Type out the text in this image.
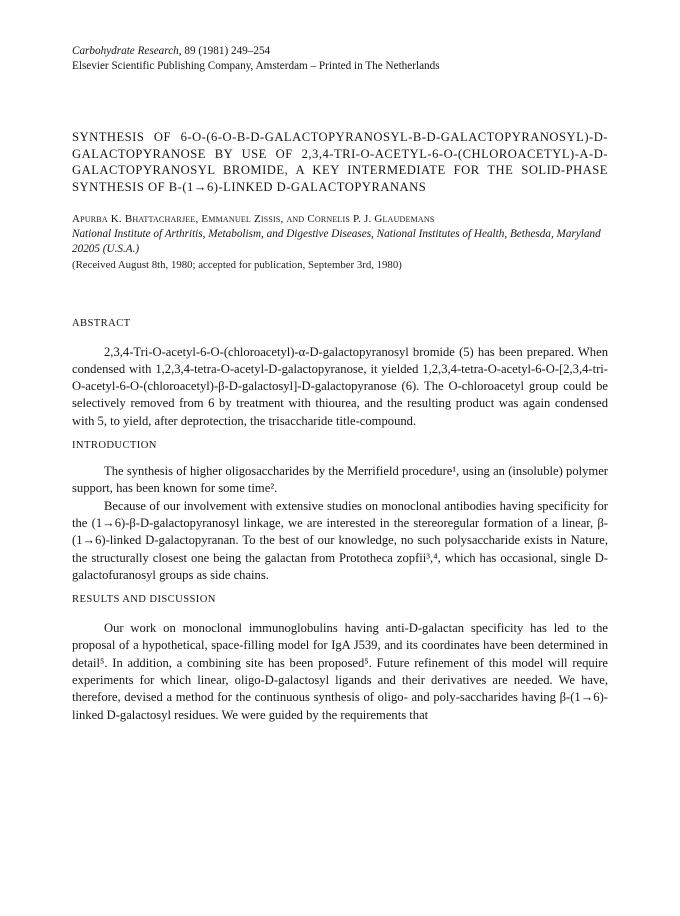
Carbohydrate Research, 89 (1981) 249–254
Elsevier Scientific Publishing Company, Amsterdam – Printed in The Netherlands
SYNTHESIS OF 6-O-(6-O-Β-D-GALACTOPYRANOSYL-Β-D-GALACTOPYRANOSYL)-D-GALACTOPYRANOSE BY USE OF 2,3,4-TRI-O-ACETYL-6-O-(CHLOROACETYL)-Α-D-GALACTOPYRANOSYL BROMIDE, A KEY INTERMEDIATE FOR THE SOLID-PHASE SYNTHESIS OF Β-(1→6)-LINKED D-GALACTOPYRANANS
Apurba K. Bhattacharjee, Emmanuel Zissis, and Cornelis P. J. Glaudemans
National Institute of Arthritis, Metabolism, and Digestive Diseases, National Institutes of Health, Bethesda, Maryland 20205 (U.S.A.)
(Received August 8th, 1980; accepted for publication, September 3rd, 1980)
ABSTRACT

2,3,4-Tri-O-acetyl-6-O-(chloroacetyl)-α-D-galactopyranosyl bromide (5) has been prepared. When condensed with 1,2,3,4-tetra-O-acetyl-D-galactopyranose, it yielded 1,2,3,4-tetra-O-acetyl-6-O-[2,3,4-tri-O-acetyl-6-O-(chloroacetyl)-β-D-galactosyl]-D-galactopyranose (6). The O-chloroacetyl group could be selectively removed from 6 by treatment with thiourea, and the resulting product was again condensed with 5, to yield, after deprotection, the trisaccharide title-compound.

INTRODUCTION

The synthesis of higher oligosaccharides by the Merrifield procedure¹, using an (insoluble) polymer support, has been known for some time².

Because of our involvement with extensive studies on monoclonal antibodies having specificity for the (1→6)-β-D-galactopyranosyl linkage, we are interested in the stereoregular formation of a linear, β-(1→6)-linked D-galactopyranan. To the best of our knowledge, no such polysaccharide exists in Nature, the structurally closest one being the galactan from Prototheca zopfii³,⁴, which has occasional, single D-galactofuranosyl groups as side chains.

RESULTS AND DISCUSSION

Our work on monoclonal immunoglobulins having anti-D-galactan specificity has led to the proposal of a hypothetical, space-filling model for IgA J539, and its coordinates have been determined in detail⁵. In addition, a combining site has been proposed⁵. Future refinement of this model will require experiments for which linear, oligo-D-galactosyl ligands and their derivatives are needed. We have, therefore, devised a method for the continuous synthesis of oligo- and poly-saccharides having β-(1→6)-linked D-galactosyl residues. We were guided by the requirements that
